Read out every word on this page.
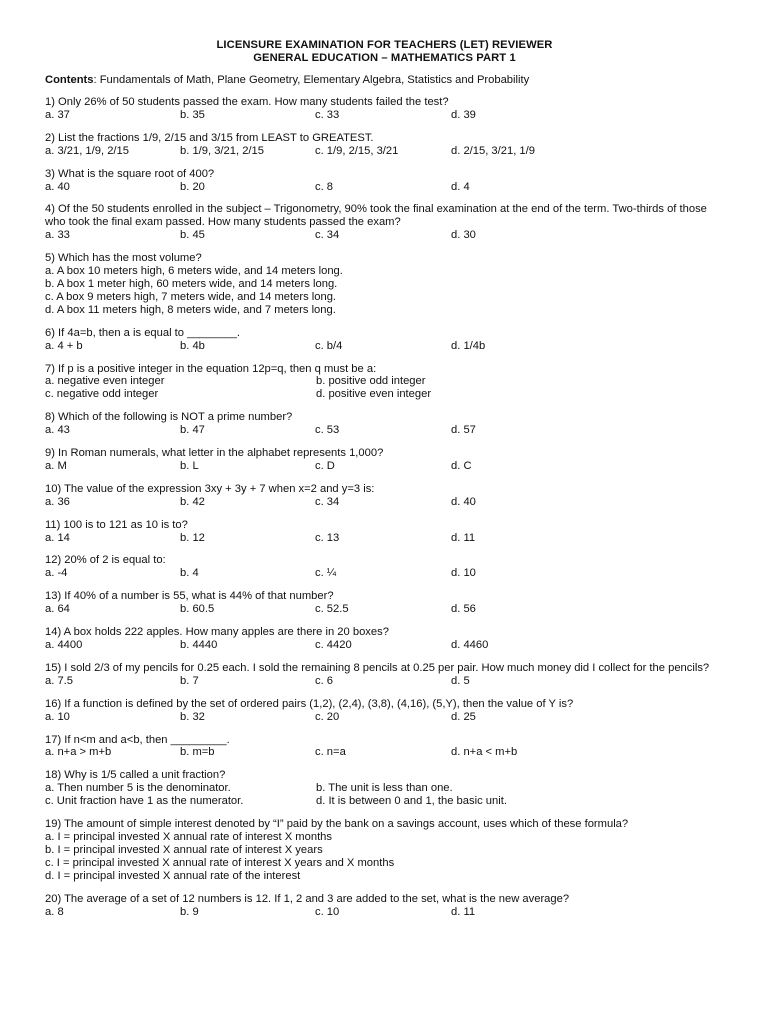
LICENSURE EXAMINATION FOR TEACHERS (LET) REVIEWER
GENERAL EDUCATION – MATHEMATICS PART 1
Contents: Fundamentals of Math, Plane Geometry, Elementary Algebra, Statistics and Probability
1) Only 26% of 50 students passed the exam. How many students failed the test?
a. 37	b. 35	c. 33	d. 39
2) List the fractions 1/9, 2/15 and 3/15 from LEAST to GREATEST.
a. 3/21, 1/9, 2/15	b. 1/9, 3/21, 2/15	c. 1/9, 2/15, 3/21	d. 2/15, 3/21, 1/9
3) What is the square root of 400?
a. 40	b. 20	c. 8	d. 4
4) Of the 50 students enrolled in the subject – Trigonometry, 90% took the final examination at the end of the term. Two-thirds of those who took the final exam passed. How many students passed the exam?
a. 33	b. 45	c. 34	d. 30
5) Which has the most volume?
a. A box 10 meters high, 6 meters wide, and 14 meters long.
b. A box 1 meter high, 60 meters wide, and 14 meters long.
c. A box 9 meters high, 7 meters wide, and 14 meters long.
d. A box 11 meters high, 8 meters wide, and 7 meters long.
6) If 4a=b, then a is equal to ________.
a. 4 + b	b. 4b	c. b/4	d. 1/4b
7) If p is a positive integer in the equation 12p=q, then q must be a:
a. negative even integer	b. positive odd integer
c. negative odd integer	d. positive even integer
8) Which of the following is NOT a prime number?
a. 43	b. 47	c. 53	d. 57
9) In Roman numerals, what letter in the alphabet represents 1,000?
a. M	b. L	c. D	d. C
10) The value of the expression 3xy + 3y + 7 when x=2 and y=3 is:
a. 36	b. 42	c. 34	d. 40
11) 100 is to 121 as 10 is to?
a. 14	b. 12	c. 13	d. 11
12) 20% of 2 is equal to:
a. -4	b. 4	c. ¼	d. 10
13) If 40% of a number is 55, what is 44% of that number?
a. 64	b. 60.5	c. 52.5	d. 56
14) A box holds 222 apples. How many apples are there in 20 boxes?
a. 4400	b. 4440	c. 4420	d. 4460
15) I sold 2/3 of my pencils for 0.25 each. I sold the remaining 8 pencils at 0.25 per pair. How much money did I collect for the pencils?
a. 7.5	b. 7	c. 6	d. 5
16) If a function is defined by the set of ordered pairs (1,2), (2,4), (3,8), (4,16), (5,Y), then the value of Y is?
a. 10	b. 32	c. 20	d. 25
17) If n<m and a<b, then _________.
a. n+a > m+b	b. m=b	c. n=a	d. n+a < m+b
18) Why is 1/5 called a unit fraction?
a. Then number 5 is the denominator.	b. The unit is less than one.
c. Unit fraction have 1 as the numerator.	d. It is between 0 and 1, the basic unit.
19) The amount of simple interest denoted by “I” paid by the bank on a savings account, uses which of these formula?
a. I = principal invested X annual rate of interest X months
b. I = principal invested X annual rate of interest X years
c. I = principal invested X annual rate of interest X years and X months
d. I = principal invested X annual rate of the interest
20) The average of a set of 12 numbers is 12. If 1, 2 and 3 are added to the set, what is the new average?
a. 8	b. 9	c. 10	d. 11
